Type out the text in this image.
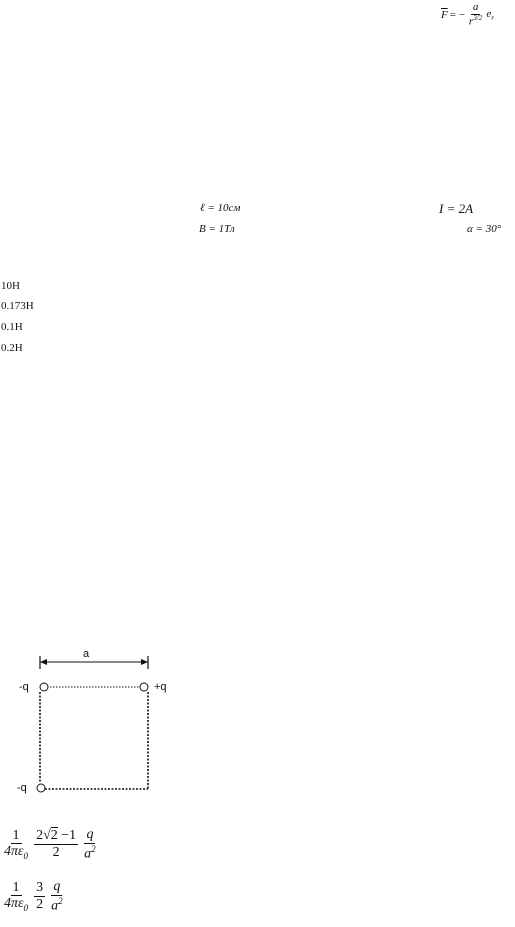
$\overline{F}$ = − $\frac{a}{r^{3/2}} e_r$
ℓ = 10см	I = 2A
B = 1Тл	α = 30°
10H
0.173H
0.1H
0.2H
a
-q	+q
-q
$\frac{1}{4\pi\varepsilon_0} \frac{2√2 -1}{2} \frac{q}{a^2}$
$\frac{1}{4\pi\varepsilon_0} \frac{3}{2} \frac{q}{a^2}$
